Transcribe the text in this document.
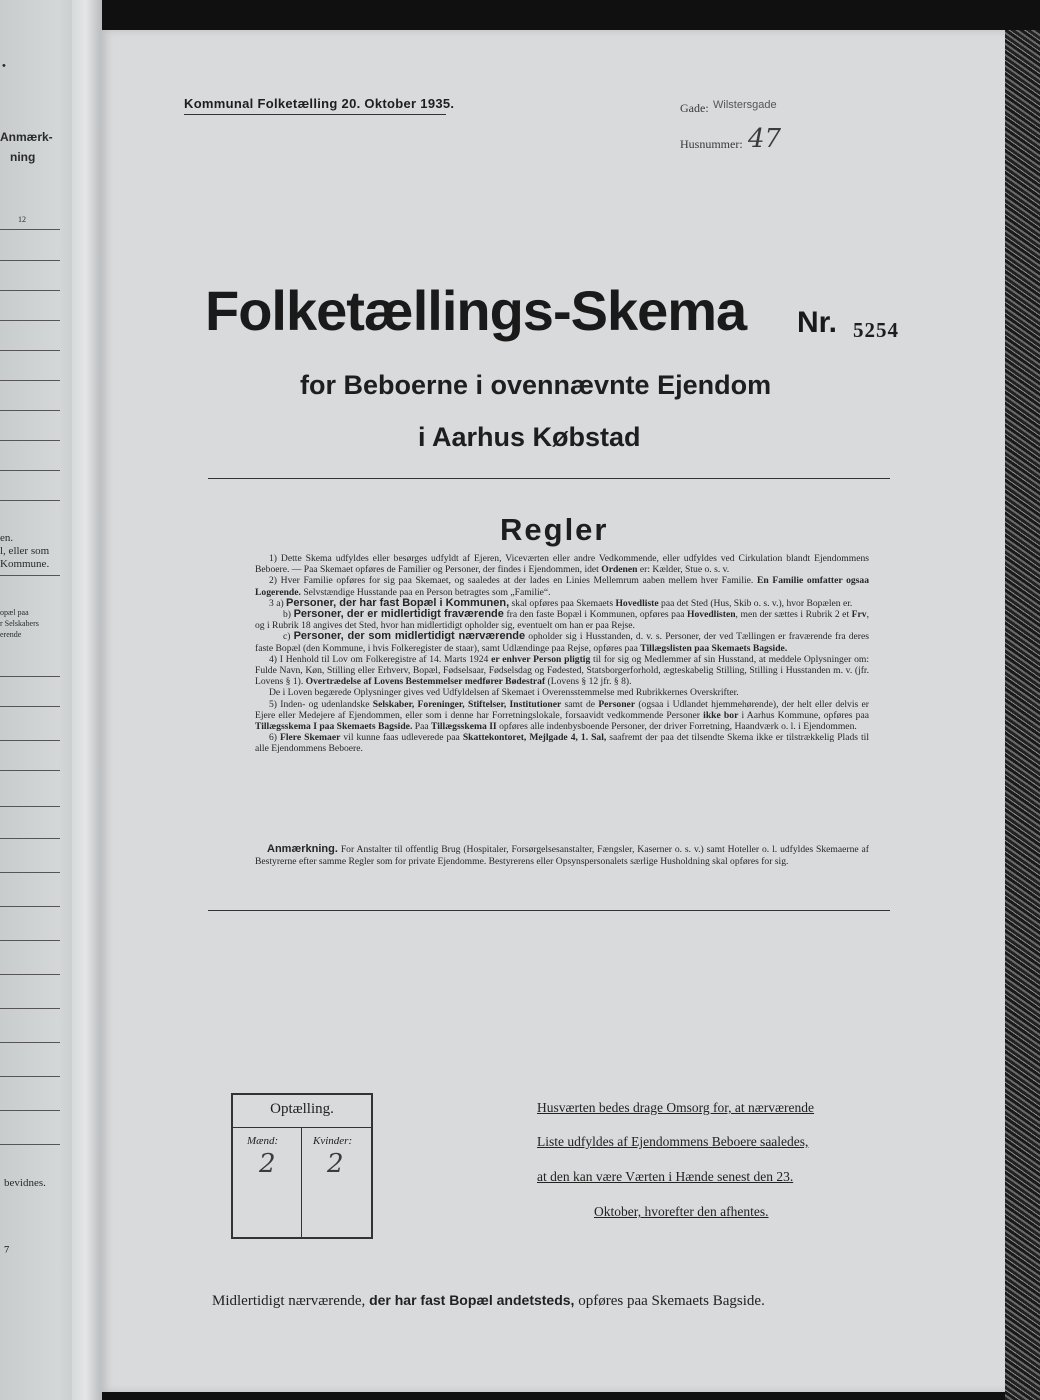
•
Anmærk-
ning
12
en.
l, eller som
Kommune.
opæl paa
r Selskabers
erende
bevidnes.
⁷
Kommunal Folketælling 20. Oktober 1935.	Gade: Wilstersgade
Husnummer: 47
Folketællings-Skema Nr. 5254
for Beboerne i ovennævnte Ejendom
i Aarhus Købstad
Regler

1) Dette Skema udfyldes eller besørges udfyldt af Ejeren, Viceværten eller andre Vedkommende, eller udfyldes ved Cirkulation blandt Ejendommens Beboere. — Paa Skemaet opføres de Familier og Personer, der findes i Ejendommen, idet Ordenen er: Kælder, Stue o. s. v.

2) Hver Familie opføres for sig paa Skemaet, og saaledes at der lades en Linies Mellemrum aaben mellem hver Familie. En Familie omfatter ogsaa Logerende. Selvstændige Husstande paa en Person betragtes som „Familie“.

3 a) Personer, der har fast Bopæl i Kommunen, skal opføres paa Skemaets Hovedliste paa det Sted (Hus, Skib o. s. v.), hvor Bopælen er.

b) Personer, der er midlertidigt fraværende fra den faste Bopæl i Kommunen, opføres paa Hovedlisten, men der sættes i Rubrik 2 et Frv, og i Rubrik 18 angives det Sted, hvor han midlertidigt opholder sig, eventuelt om han er paa Rejse.

c) Personer, der som midlertidigt nærværende opholder sig i Husstanden, d. v. s. Personer, der ved Tællingen er fraværende fra deres faste Bopæl (den Kommune, i hvis Folkeregister de staar), samt Udlændinge paa Rejse, opføres paa Tillægslisten paa Skemaets Bagside.

4) I Henhold til Lov om Folkeregistre af 14. Marts 1924 er enhver Person pligtig til for sig og Medlemmer af sin Husstand, at meddele Oplysninger om: Fulde Navn, Køn, Stilling eller Erhverv, Bopæl, Fødselsaar, Fødselsdag og Fødested, Statsborgerforhold, ægteskabelig Stilling, Stilling i Husstanden m. v. (jfr. Lovens § 1). Overtrædelse af Lovens Bestemmelser medfører Bødestraf (Lovens § 12 jfr. § 8).

De i Loven begærede Oplysninger gives ved Udfyldelsen af Skemaet i Overensstemmelse med Rubrikkernes Overskrifter.

5) Inden- og udenlandske Selskaber, Foreninger, Stiftelser, Institutioner samt de Personer (ogsaa i Udlandet hjemmehørende), der helt eller delvis er Ejere eller Medejere af Ejendommen, eller som i denne har Forretningslokale, forsaavidt vedkommende Personer ikke bor i Aarhus Kommune, opføres paa Tillægsskema I paa Skemaets Bagside. Paa Tillægsskema II opføres alle indenbysboende Personer, der driver Forretning, Haandværk o. l. i Ejendommen.

6) Flere Skemaer vil kunne faas udleverede paa Skattekontoret, Mejlgade 4, 1. Sal, saafremt der paa det tilsendte Skema ikke er tilstrækkelig Plads til alle Ejendommens Beboere.

Anmærkning. For Anstalter til offentlig Brug (Hospitaler, Forsørgelsesanstalter, Fængsler, Kaserner o. s. v.) samt Hoteller o. l. udfyldes Skemaerne af Bestyrerne efter samme Regler som for private Ejendomme. Bestyrerens eller Opsynspersonalets særlige Husholdning skal opføres for sig.
Optælling.
Mænd:	Kvinder:
2 2
Husværten bedes drage Omsorg for, at nærværende
Liste udfyldes af Ejendommens Beboere saaledes,
at den kan være Værten i Hænde senest den 23.
Oktober, hvorefter den afhentes.
Midlertidigt nærværende, der har fast Bopæl andetsteds, opføres paa Skemaets Bagside.
